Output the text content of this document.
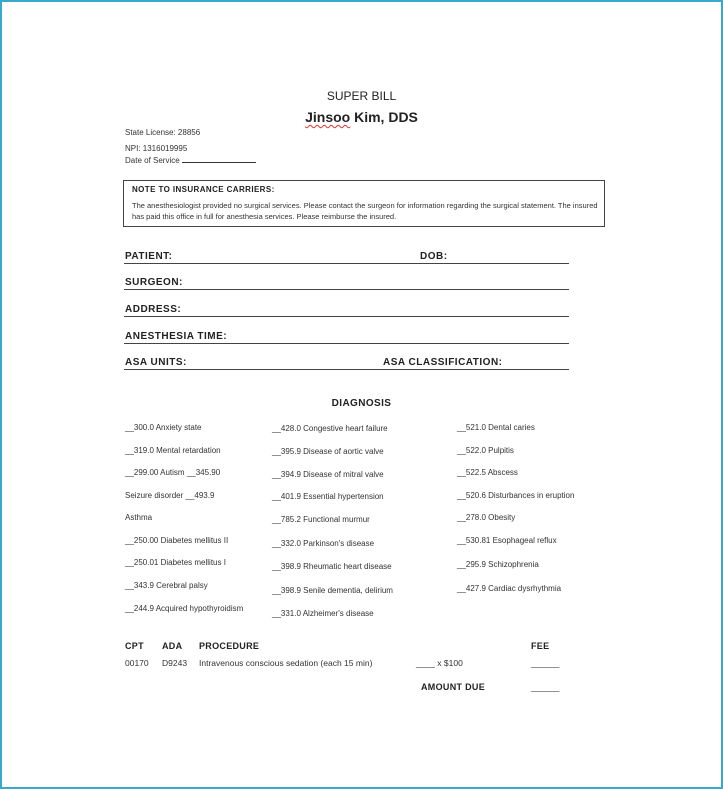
SUPER BILL
Jinsoo Kim, DDS
State License: 28856
NPI: 1316019995
Date of Service
NOTE TO INSURANCE CARRIERS:
The anesthesiologist provided no surgical services. Please contact the surgeon for information regarding the surgical statement. The insured has paid this office in full for anesthesia services. Please reimburse the insured.
PATIENT:	DOB:
SURGEON:
ADDRESS:
ANESTHESIA TIME:
ASA UNITS:	ASA CLASSIFICATION:
DIAGNOSIS
__300.0 Anxiety state
__319.0 Mental retardation
__299.00 Autism __345.90
Seizure disorder __493.9
Asthma
__250.00 Diabetes mellitus II
__250.01 Diabetes mellitus I
__343.9 Cerebral palsy
__244.9 Acquired hypothyroidism
__428.0 Congestive heart failure
__395.9 Disease of aortic valve
__394.9 Disease of mitral valve
__401.9 Essential hypertension
__785.2 Functional murmur
__332.0 Parkinson's disease
__398.9 Rheumatic heart disease
__398.9 Senile dementia, delirium
__331.0 Alzheimer's disease
__521.0 Dental caries
__522.0 Pulpitis
__522.5 Abscess
__520.6 Disturbances in eruption
__278.0 Obesity
__530.81 Esophageal reflux
__295.9 Schizophrenia
__427.9 Cardiac dysrhythmia
CPT ADA PROCEDURE	FEE
00170 D9243 Intravenous conscious sedation (each 15 min)	____ x $100	______
AMOUNT DUE	______
